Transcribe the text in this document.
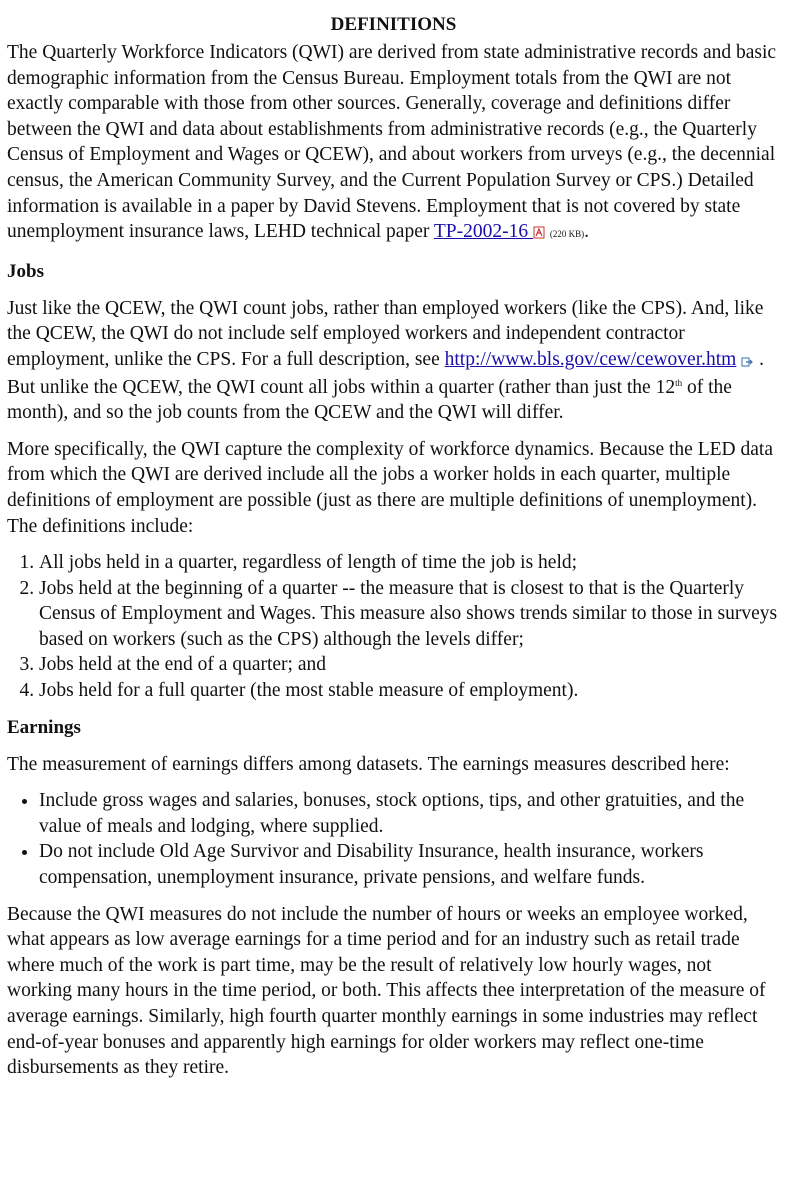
DEFINITIONS

The Quarterly Workforce Indicators (QWI) are derived from state administrative records and basic demographic information from the Census Bureau. Employment totals from the QWI are not exactly comparable with those from other sources. Generally, coverage and definitions differ between the QWI and data about establishments from administrative records (e.g., the Quarterly Census of Employment and Wages or QCEW), and about workers from urveys (e.g., the decennial census, the American Community Survey, and the Current Population Survey or CPS.) Detailed information is available in a paper by David Stevens. Employment that is not covered by state unemployment insurance laws, LEHD technical paper TP-2002-16  (220 KB).

Jobs

Just like the QCEW, the QWI count jobs, rather than employed workers (like the CPS). And, like the QCEW, the QWI do not include self employed workers and independent contractor employment, unlike the CPS. For a full description, see http://www.bls.gov/cew/cewover.htm  . But unlike the QCEW, the QWI count all jobs within a quarter (rather than just the 12th of the month), and so the job counts from the QCEW and the QWI will differ.

More specifically, the QWI capture the complexity of workforce dynamics. Because the LED data from which the QWI are derived include all the jobs a worker holds in each quarter, multiple definitions of employment are possible (just as there are multiple definitions of unemployment). The definitions include:

1. All jobs held in a quarter, regardless of length of time the job is held;
2. Jobs held at the beginning of a quarter -- the measure that is closest to that is the Quarterly Census of Employment and Wages. This measure also shows trends similar to those in surveys based on workers (such as the CPS) although the levels differ;
3. Jobs held at the end of a quarter; and
4. Jobs held for a full quarter (the most stable measure of employment).
Earnings

The measurement of earnings differs among datasets. The earnings measures described here:

• Include gross wages and salaries, bonuses, stock options, tips, and other gratuities, and the value of meals and lodging, where supplied.
• Do not include Old Age Survivor and Disability Insurance, health insurance, workers compensation, unemployment insurance, private pensions, and welfare funds.

Because the QWI measures do not include the number of hours or weeks an employee worked, what appears as low average earnings for a time period and for an industry such as retail trade where much of the work is part time, may be the result of relatively low hourly wages, not working many hours in the time period, or both. This affects thee interpretation of the measure of average earnings. Similarly, high fourth quarter monthly earnings in some industries may reflect end-of-year bonuses and apparently high earnings for older workers may reflect one-time disbursements as they retire.
